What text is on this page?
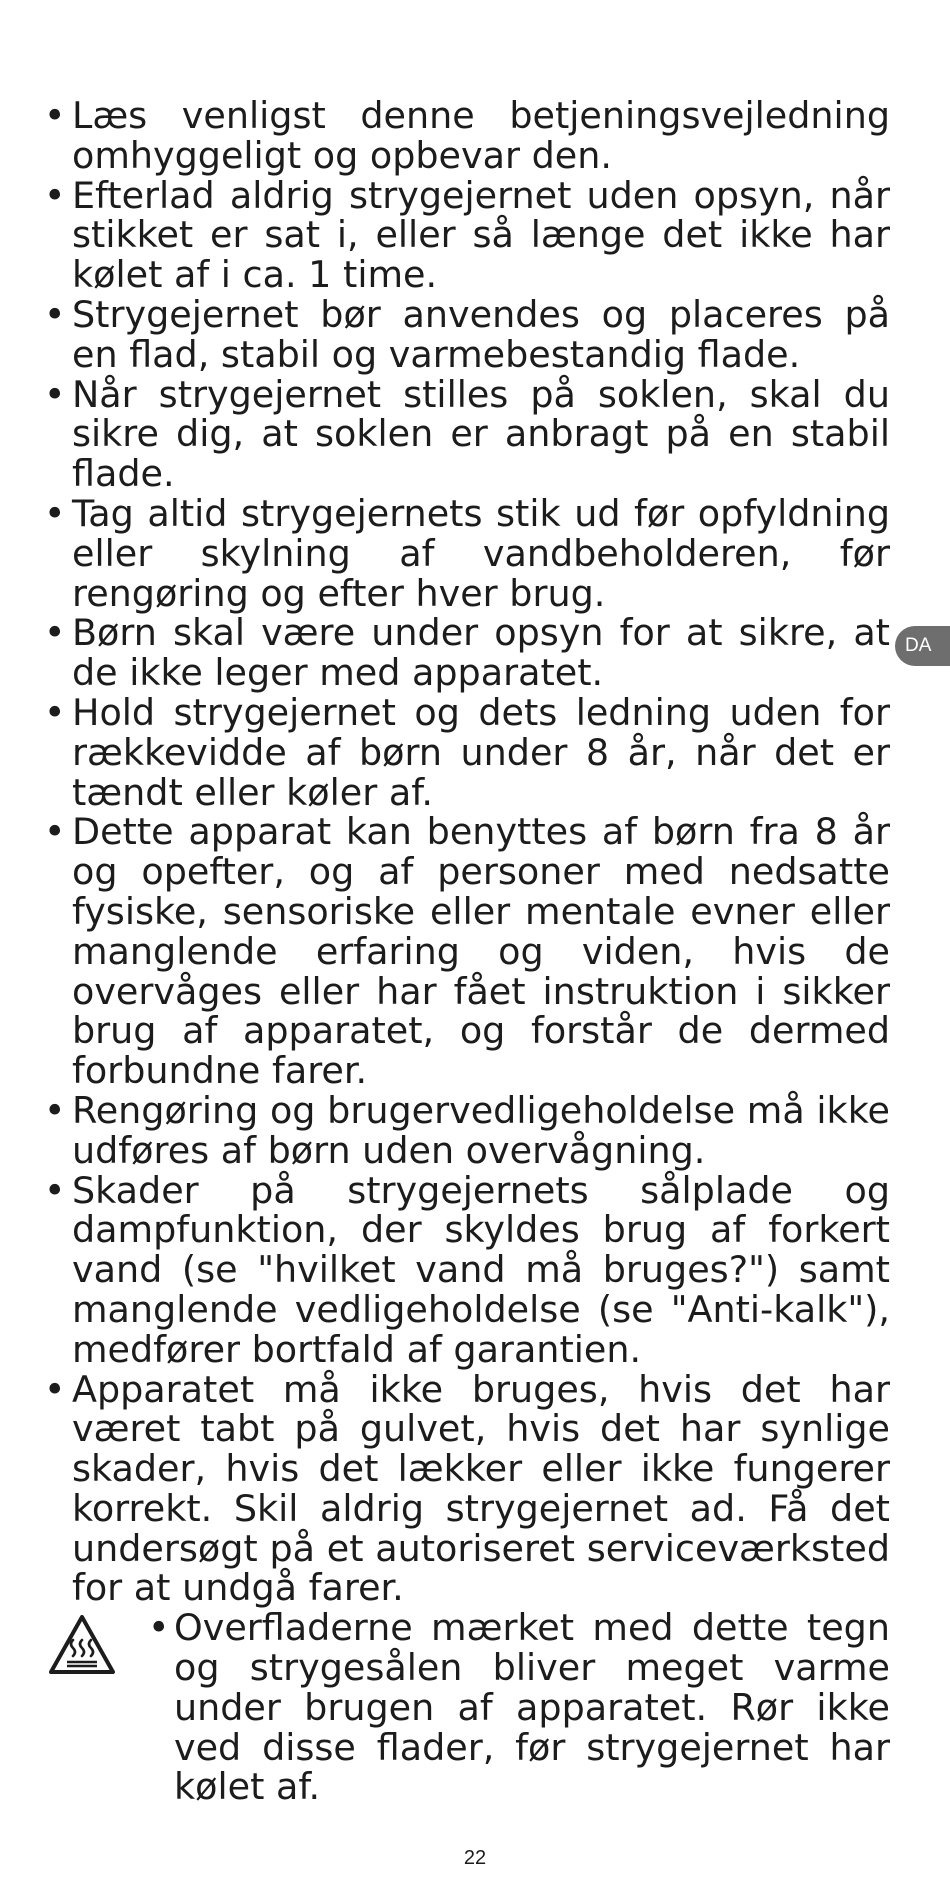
• Læs venligst denne betjeningsvejledning omhyggeligt og opbevar den.
• Efterlad aldrig strygejernet uden opsyn, når stikket er sat i, eller så længe det ikke har kølet af i ca. 1 time.
• Strygejernet bør anvendes og placeres på en flad, stabil og varmebestandig flade.
• Når strygejernet stilles på soklen, skal du sikre dig, at soklen er anbragt på en stabil flade.
• Tag altid strygejernets stik ud før opfyldning eller skylning af vandbeholderen, før rengøring og efter hver brug.
• Børn skal være under opsyn for at sikre, at de ikke leger med apparatet.
• Hold strygejernet og dets ledning uden for rækkevidde af børn under 8 år, når det er tændt eller køler af.
• Dette apparat kan benyttes af børn fra 8 år og opefter, og af personer med nedsatte fysiske, sensoriske eller mentale evner eller manglende erfaring og viden, hvis de overvåges eller har fået instruktion i sikker brug af apparatet, og forstår de dermed forbundne farer.
• Rengøring og brugervedligeholdelse må ikke udføres af børn uden overvågning.
• Skader på strygejernets sålplade og dampfunktion, der skyldes brug af forkert vand (se "hvilket vand må bruges?") samt manglende vedligeholdelse (se "Anti-kalk"), medfører bortfald af garantien.
• Apparatet må ikke bruges, hvis det har været tabt på gulvet, hvis det har synlige skader, hvis det lækker eller ikke fungerer korrekt. Skil aldrig strygejernet ad. Få det undersøgt på et autoriseret serviceværksted for at undgå farer.
• Overfladerne mærket med dette tegn og strygesålen bliver meget varme under brugen af apparatet. Rør ikke ved disse flader, før strygejernet har kølet af.
DA
22
